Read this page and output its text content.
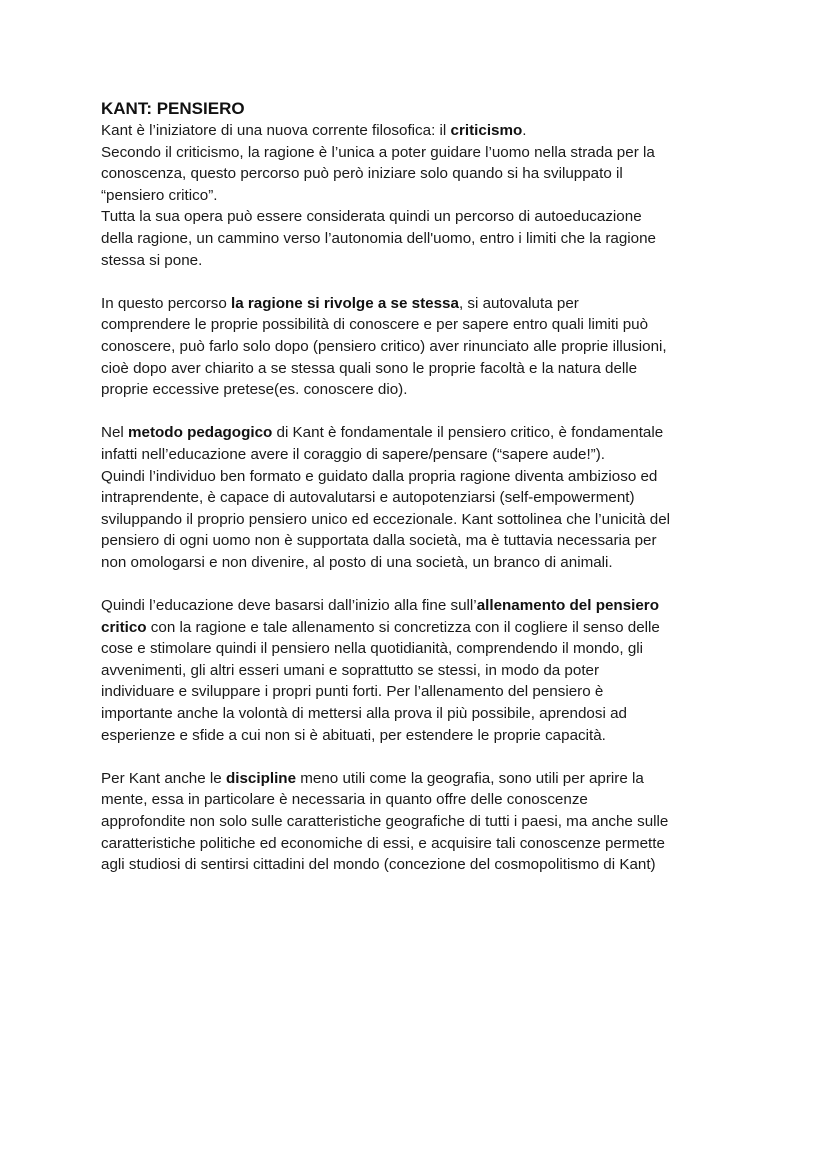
KANT: PENSIERO
Kant è l’iniziatore di una nuova corrente filosofica: il criticismo.
Secondo il criticismo, la ragione è l’unica a poter guidare l’uomo nella strada per la
conoscenza, questo percorso può però iniziare solo quando si ha sviluppato il
“pensiero critico”.
Tutta la sua opera può essere considerata quindi un percorso di autoeducazione
della ragione, un cammino verso l’autonomia dell'uomo, entro i limiti che la ragione
stessa si pone.
In questo percorso la ragione si rivolge a se stessa, si autovaluta per
comprendere le proprie possibilità di conoscere e per sapere entro quali limiti può
conoscere, può farlo solo dopo (pensiero critico) aver rinunciato alle proprie illusioni,
cioè dopo aver chiarito a se stessa quali sono le proprie facoltà e la natura delle
proprie eccessive pretese(es. conoscere dio).
Nel metodo pedagogico di Kant è fondamentale il pensiero critico, è fondamentale
infatti nell’educazione avere il coraggio di sapere/pensare (“sapere aude!”).
Quindi l’individuo ben formato e guidato dalla propria ragione diventa ambizioso ed
intraprendente, è capace di autovalutarsi e autopotenziarsi (self-empowerment)
sviluppando il proprio pensiero unico ed eccezionale. Kant sottolinea che l’unicità del
pensiero di ogni uomo non è supportata dalla società, ma è tuttavia necessaria per
non omologarsi e non divenire, al posto di una società, un branco di animali.
Quindi l’educazione deve basarsi dall’inizio alla fine sull’allenamento del pensiero
critico con la ragione e tale allenamento si concretizza con il cogliere il senso delle
cose e stimolare quindi il pensiero nella quotidianità, comprendendo il mondo, gli
avvenimenti, gli altri esseri umani e soprattutto se stessi, in modo da poter
individuare e sviluppare i propri punti forti. Per l’allenamento del pensiero è
importante anche la volontà di mettersi alla prova il più possibile, aprendosi ad
esperienze e sfide a cui non si è abituati, per estendere le proprie capacità.
Per Kant anche le discipline meno utili come la geografia, sono utili per aprire la
mente, essa in particolare è necessaria in quanto offre delle conoscenze
approfondite non solo sulle caratteristiche geografiche di tutti i paesi, ma anche sulle
caratteristiche politiche ed economiche di essi, e acquisire tali conoscenze permette
agli studiosi di sentirsi cittadini del mondo (concezione del cosmopolitismo di Kant)
